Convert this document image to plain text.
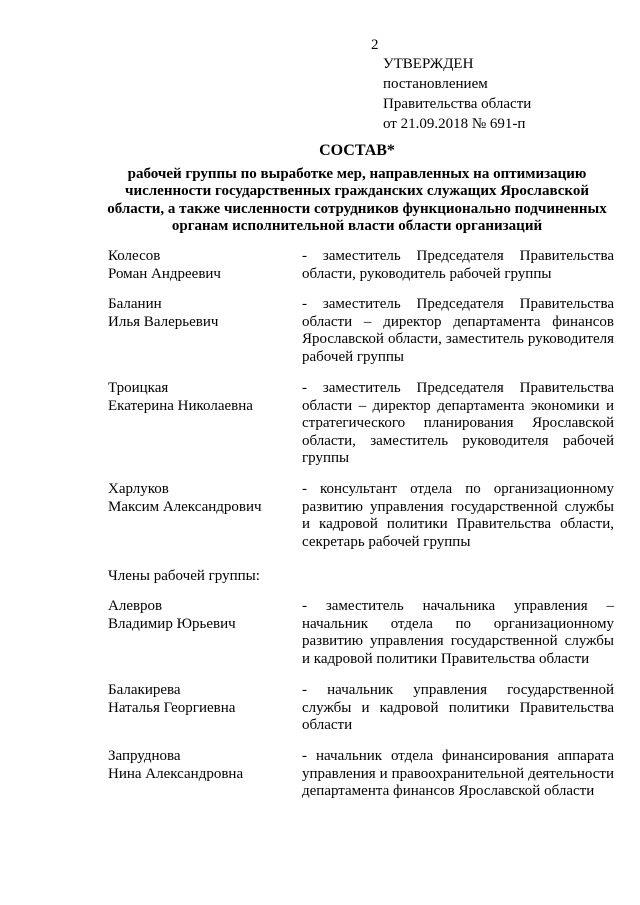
2
УТВЕРЖДЕН
постановлением
Правительства области
от 21.09.2018 № 691-п
СОСТАВ*
рабочей группы по выработке мер, направленных на оптимизацию численности государственных гражданских служащих Ярославской области, а также численности сотрудников функционально подчиненных органам исполнительной власти области организаций
Колесов
Роман Андреевич
- заместитель Председателя Правительства области, руководитель рабочей группы
Баланин
Илья Валерьевич
- заместитель Председателя Правительства области – директор департамента финансов Ярославской области, заместитель руководителя рабочей группы
Троицкая
Екатерина Николаевна
- заместитель Председателя Правительства области – директор департамента экономики и стратегического планирования Ярославской области, заместитель руководителя рабочей группы
Харлуков
Максим Александрович
- консультант отдела по организационному развитию управления государственной службы и кадровой политики Правительства области, секретарь рабочей группы
Члены рабочей группы:
Алевров
Владимир Юрьевич
- заместитель начальника управления – начальник отдела по организационному развитию управления государственной службы и кадровой политики Правительства области
Балакирева
Наталья Георгиевна
- начальник управления государственной службы и кадровой политики Правительства области
Запруднова
Нина Александровна
- начальник отдела финансирования аппарата управления и правоохранительной деятельности департамента финансов Ярославской области
